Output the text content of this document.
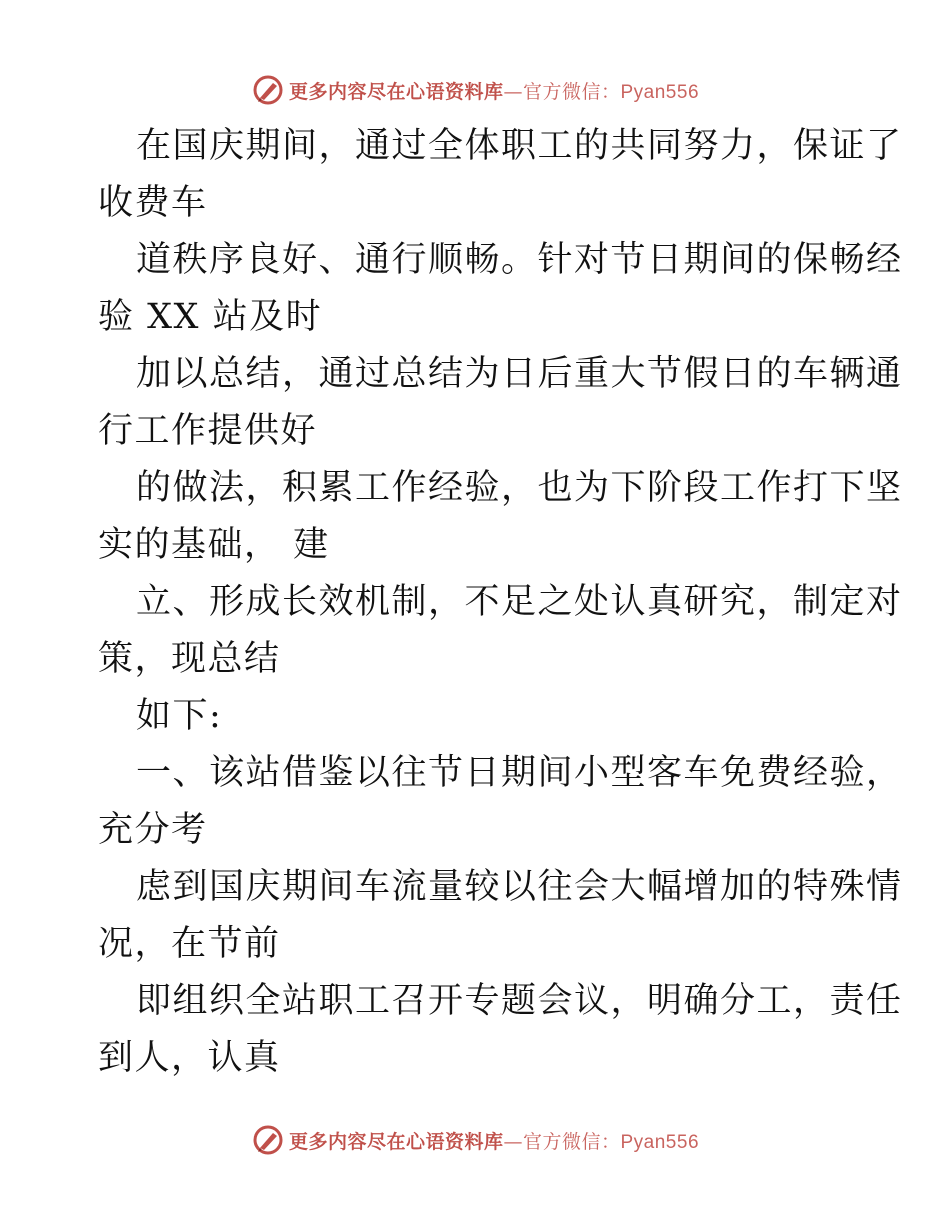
更多内容尽在心语资料库—官方微信：Pyan556
在国庆期间，通过全体职工的共同努力，保证了
收费车
道秩序良好、通行顺畅。针对节日期间的保畅经
验 XX 站及时
加以总结，通过总结为日后重大节假日的车辆通
行工作提供好
的做法，积累工作经验，也为下阶段工作打下坚
实的基础， 建
立、形成长效机制，不足之处认真研究，制定对
策，现总结
如下:
一、该站借鉴以往节日期间小型客车免费经验，
充分考
虑到国庆期间车流量较以往会大幅增加的特殊情
况，在节前
即组织全站职工召开专题会议，明确分工，责任
到人，认真
更多内容尽在心语资料库—官方微信：Pyan556
